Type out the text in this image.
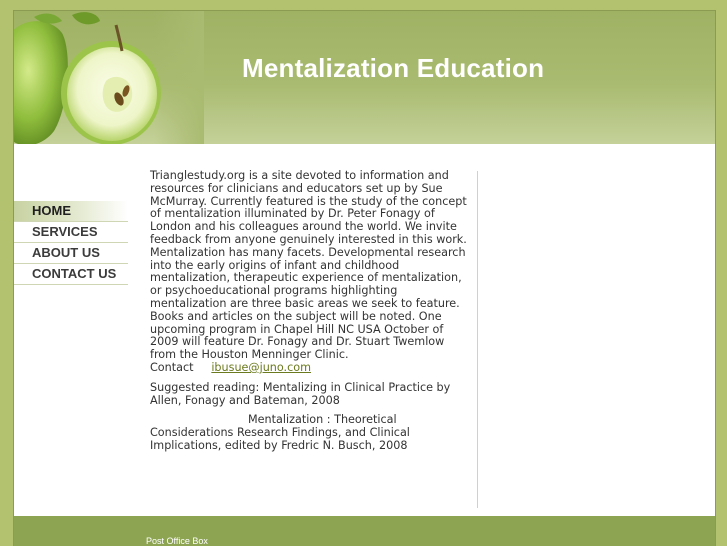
Mentalization Education
HOME
SERVICES
ABOUT US
CONTACT US

Trianglestudy.org is a site devoted to information and resources for clinicians and educators set up by Sue McMurray. Currently featured is the study of the concept of mentalization illuminated by Dr. Peter Fonagy of London and his colleagues around the world. We invite feedback from anyone genuinely interested in this work. Mentalization has many facets. Developmental research into the early origins of infant and childhood mentalization, therapeutic experience of mentalization, or psychoeducational programs highlighting mentalization are three basic areas we seek to feature. Books and articles on the subject will be noted. One upcoming program in Chapel Hill NC USA October of 2009 will feature Dr. Fonagy and Dr. Stuart Twemlow from the Houston Menninger Clinic. Contact ibusue@juno.com

Suggested reading: Mentalizing in Clinical Practice by Allen, Fonagy and Bateman, 2008

Mentalization : Theoretical
Considerations Research Findings, and Clinical Implications, edited by Fredric N. Busch, 2008

Post Office Box
